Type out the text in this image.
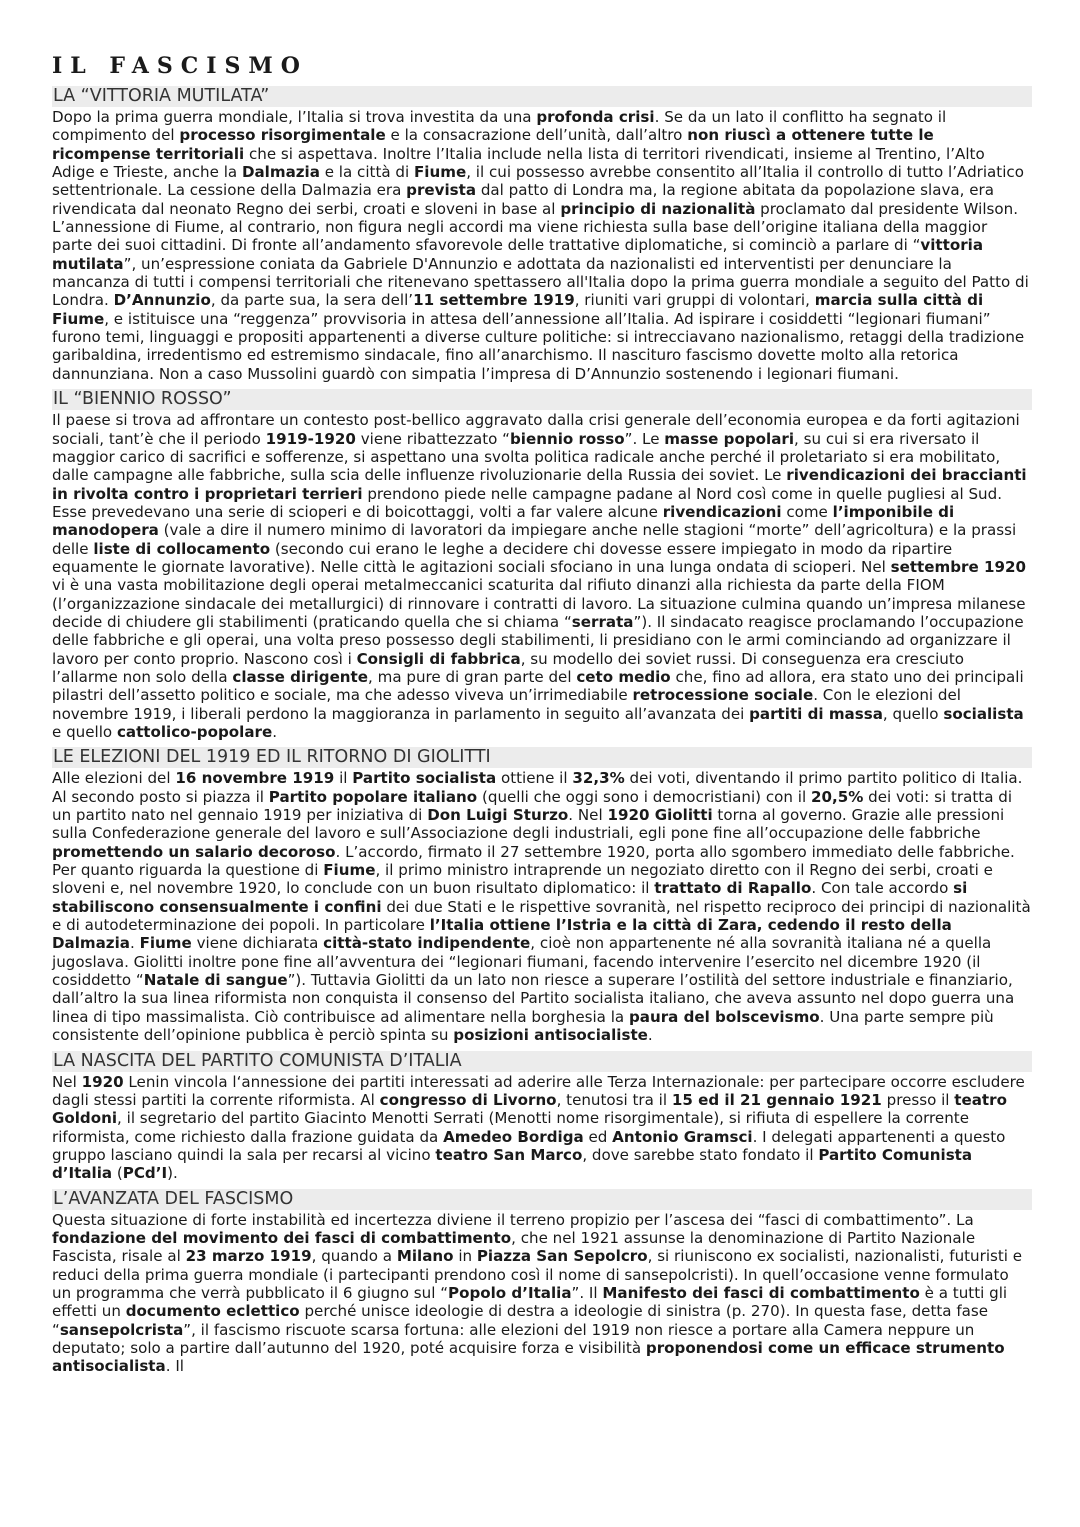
IL FASCISMO
LA “VITTORIA MUTILATA”

Dopo la prima guerra mondiale, l’Italia si trova investita da una profonda crisi. Se da un lato il conflitto ha segnato il compimento del processo risorgimentale e la consacrazione dell’unità, dall’altro non riuscì a ottenere tutte le ricompense territoriali che si aspettava. Inoltre l’Italia include nella lista di territori rivendicati, insieme al Trentino, l’Alto Adige e Trieste, anche la Dalmazia e la città di Fiume, il cui possesso avrebbe consentito all’Italia il controllo di tutto l’Adriatico settentrionale. La cessione della Dalmazia era prevista dal patto di Londra ma, la regione abitata da popolazione slava, era rivendicata dal neonato Regno dei serbi, croati e sloveni in base al principio di nazionalità proclamato dal presidente Wilson. L’annessione di Fiume, al contrario, non figura negli accordi ma viene richiesta sulla base dell’origine italiana della maggior parte dei suoi cittadini. Di fronte all’andamento sfavorevole delle trattative diplomatiche, si cominciò a parlare di “vittoria mutilata”, un’espressione coniata da Gabriele D'Annunzio e adottata da nazionalisti ed interventisti per denunciare la mancanza di tutti i compensi territoriali che ritenevano spettassero all'Italia dopo la prima guerra mondiale a seguito del Patto di Londra. D’Annunzio, da parte sua, la sera dell’11 settembre 1919, riuniti vari gruppi di volontari, marcia sulla città di Fiume, e istituisce una “reggenza” provvisoria in attesa dell’annessione all’Italia. Ad ispirare i cosiddetti “legionari fiumani” furono temi, linguaggi e propositi appartenenti a diverse culture politiche: si intrecciavano nazionalismo, retaggi della tradizione garibaldina, irredentismo ed estremismo sindacale, fino all’anarchismo. Il nascituro fascismo dovette molto alla retorica dannunziana. Non a caso Mussolini guardò con simpatia l’impresa di D’Annunzio sostenendo i legionari fiumani.

IL “BIENNIO ROSSO”

Il paese si trova ad affrontare un contesto post-bellico aggravato dalla crisi generale dell’economia europea e da forti agitazioni sociali, tant’è che il periodo 1919-1920 viene ribattezzato “biennio rosso”. Le masse popolari, su cui si era riversato il maggior carico di sacrifici e sofferenze, si aspettano una svolta politica radicale anche perché il proletariato si era mobilitato, dalle campagne alle fabbriche, sulla scia delle influenze rivoluzionarie della Russia dei soviet. Le rivendicazioni dei braccianti in rivolta contro i proprietari terrieri prendono piede nelle campagne padane al Nord così come in quelle pugliesi al Sud. Esse prevedevano una serie di scioperi e di boicottaggi, volti a far valere alcune rivendicazioni come l’imponibile di manodopera (vale a dire il numero minimo di lavoratori da impiegare anche nelle stagioni “morte” dell’agricoltura) e la prassi delle liste di collocamento (secondo cui erano le leghe a decidere chi dovesse essere impiegato in modo da ripartire equamente le giornate lavorative). Nelle città le agitazioni sociali sfociano in una lunga ondata di scioperi. Nel settembre 1920 vi è una vasta mobilitazione degli operai metalmeccanici scaturita dal rifiuto dinanzi alla richiesta da parte della FIOM (l’organizzazione sindacale dei metallurgici) di rinnovare i contratti di lavoro. La situazione culmina quando un’impresa milanese decide di chiudere gli stabilimenti (praticando quella che si chiama “serrata”). Il sindacato reagisce proclamando l’occupazione delle fabbriche e gli operai, una volta preso possesso degli stabilimenti, li presidiano con le armi cominciando ad organizzare il lavoro per conto proprio. Nascono così i Consigli di fabbrica, su modello dei soviet russi. Di conseguenza era cresciuto l’allarme non solo della classe dirigente, ma pure di gran parte del ceto medio che, fino ad allora, era stato uno dei principali pilastri dell’assetto politico e sociale, ma che adesso viveva un’irrimediabile retrocessione sociale. Con le elezioni del novembre 1919, i liberali perdono la maggioranza in parlamento in seguito all’avanzata dei partiti di massa, quello socialista e quello cattolico-popolare.

LE ELEZIONI DEL 1919 ED IL RITORNO DI GIOLITTI

Alle elezioni del 16 novembre 1919 il Partito socialista ottiene il 32,3% dei voti, diventando il primo partito politico di Italia. Al secondo posto si piazza il Partito popolare italiano (quelli che oggi sono i democristiani) con il 20,5% dei voti: si tratta di un partito nato nel gennaio 1919 per iniziativa di Don Luigi Sturzo. Nel 1920 Giolitti torna al governo. Grazie alle pressioni sulla Confederazione generale del lavoro e sull’Associazione degli industriali, egli pone fine all’occupazione delle fabbriche promettendo un salario decoroso. L’accordo, firmato il 27 settembre 1920, porta allo sgombero immediato delle fabbriche. Per quanto riguarda la questione di Fiume, il primo ministro intraprende un negoziato diretto con il Regno dei serbi, croati e sloveni e, nel novembre 1920, lo conclude con un buon risultato diplomatico: il trattato di Rapallo. Con tale accordo si stabiliscono consensualmente i confini dei due Stati e le rispettive sovranità, nel rispetto reciproco dei principi di nazionalità e di autodeterminazione dei popoli. In particolare l’Italia ottiene l’Istria e la città di Zara, cedendo il resto della Dalmazia. Fiume viene dichiarata città-stato indipendente, cioè non appartenente né alla sovranità italiana né a quella jugoslava. Giolitti inoltre pone fine all’avventura dei “legionari fiumani, facendo intervenire l’esercito nel dicembre 1920 (il cosiddetto “Natale di sangue”). Tuttavia Giolitti da un lato non riesce a superare l’ostilità del settore industriale e finanziario, dall’altro la sua linea riformista non conquista il consenso del Partito socialista italiano, che aveva assunto nel dopo guerra una linea di tipo massimalista. Ciò contribuisce ad alimentare nella borghesia la paura del bolscevismo. Una parte sempre più consistente dell’opinione pubblica è perciò spinta su posizioni antisocialiste.

LA NASCITA DEL PARTITO COMUNISTA D’ITALIA

Nel 1920 Lenin vincola l‘annessione dei partiti interessati ad aderire alle Terza Internazionale: per partecipare occorre escludere dagli stessi partiti la corrente riformista. Al congresso di Livorno, tenutosi tra il 15 ed il 21 gennaio 1921 presso il teatro Goldoni, il segretario del partito Giacinto Menotti Serrati (Menotti nome risorgimentale), si rifiuta di espellere la corrente riformista, come richiesto dalla frazione guidata da Amedeo Bordiga ed Antonio Gramsci. I delegati appartenenti a questo gruppo lasciano quindi la sala per recarsi al vicino teatro San Marco, dove sarebbe stato fondato il Partito Comunista d’Italia (PCd’I).

L’AVANZATA DEL FASCISMO

Questa situazione di forte instabilità ed incertezza diviene il terreno propizio per l’ascesa dei “fasci di combattimento”. La fondazione del movimento dei fasci di combattimento, che nel 1921 assunse la denominazione di Partito Nazionale Fascista, risale al 23 marzo 1919, quando a Milano in Piazza San Sepolcro, si riuniscono ex socialisti, nazionalisti, futuristi e reduci della prima guerra mondiale (i partecipanti prendono così il nome di sansepolcristi). In quell’occasione venne formulato un programma che verrà pubblicato il 6 giugno sul “Popolo d’Italia”. Il Manifesto dei fasci di combattimento è a tutti gli effetti un documento eclettico perché unisce ideologie di destra a ideologie di sinistra (p. 270). In questa fase, detta fase “sansepolcrista”, il fascismo riscuote scarsa fortuna: alle elezioni del 1919 non riesce a portare alla Camera neppure un deputato; solo a partire dall’autunno del 1920, poté acquisire forza e visibilità proponendosi come un efficace strumento antisocialista. Il
